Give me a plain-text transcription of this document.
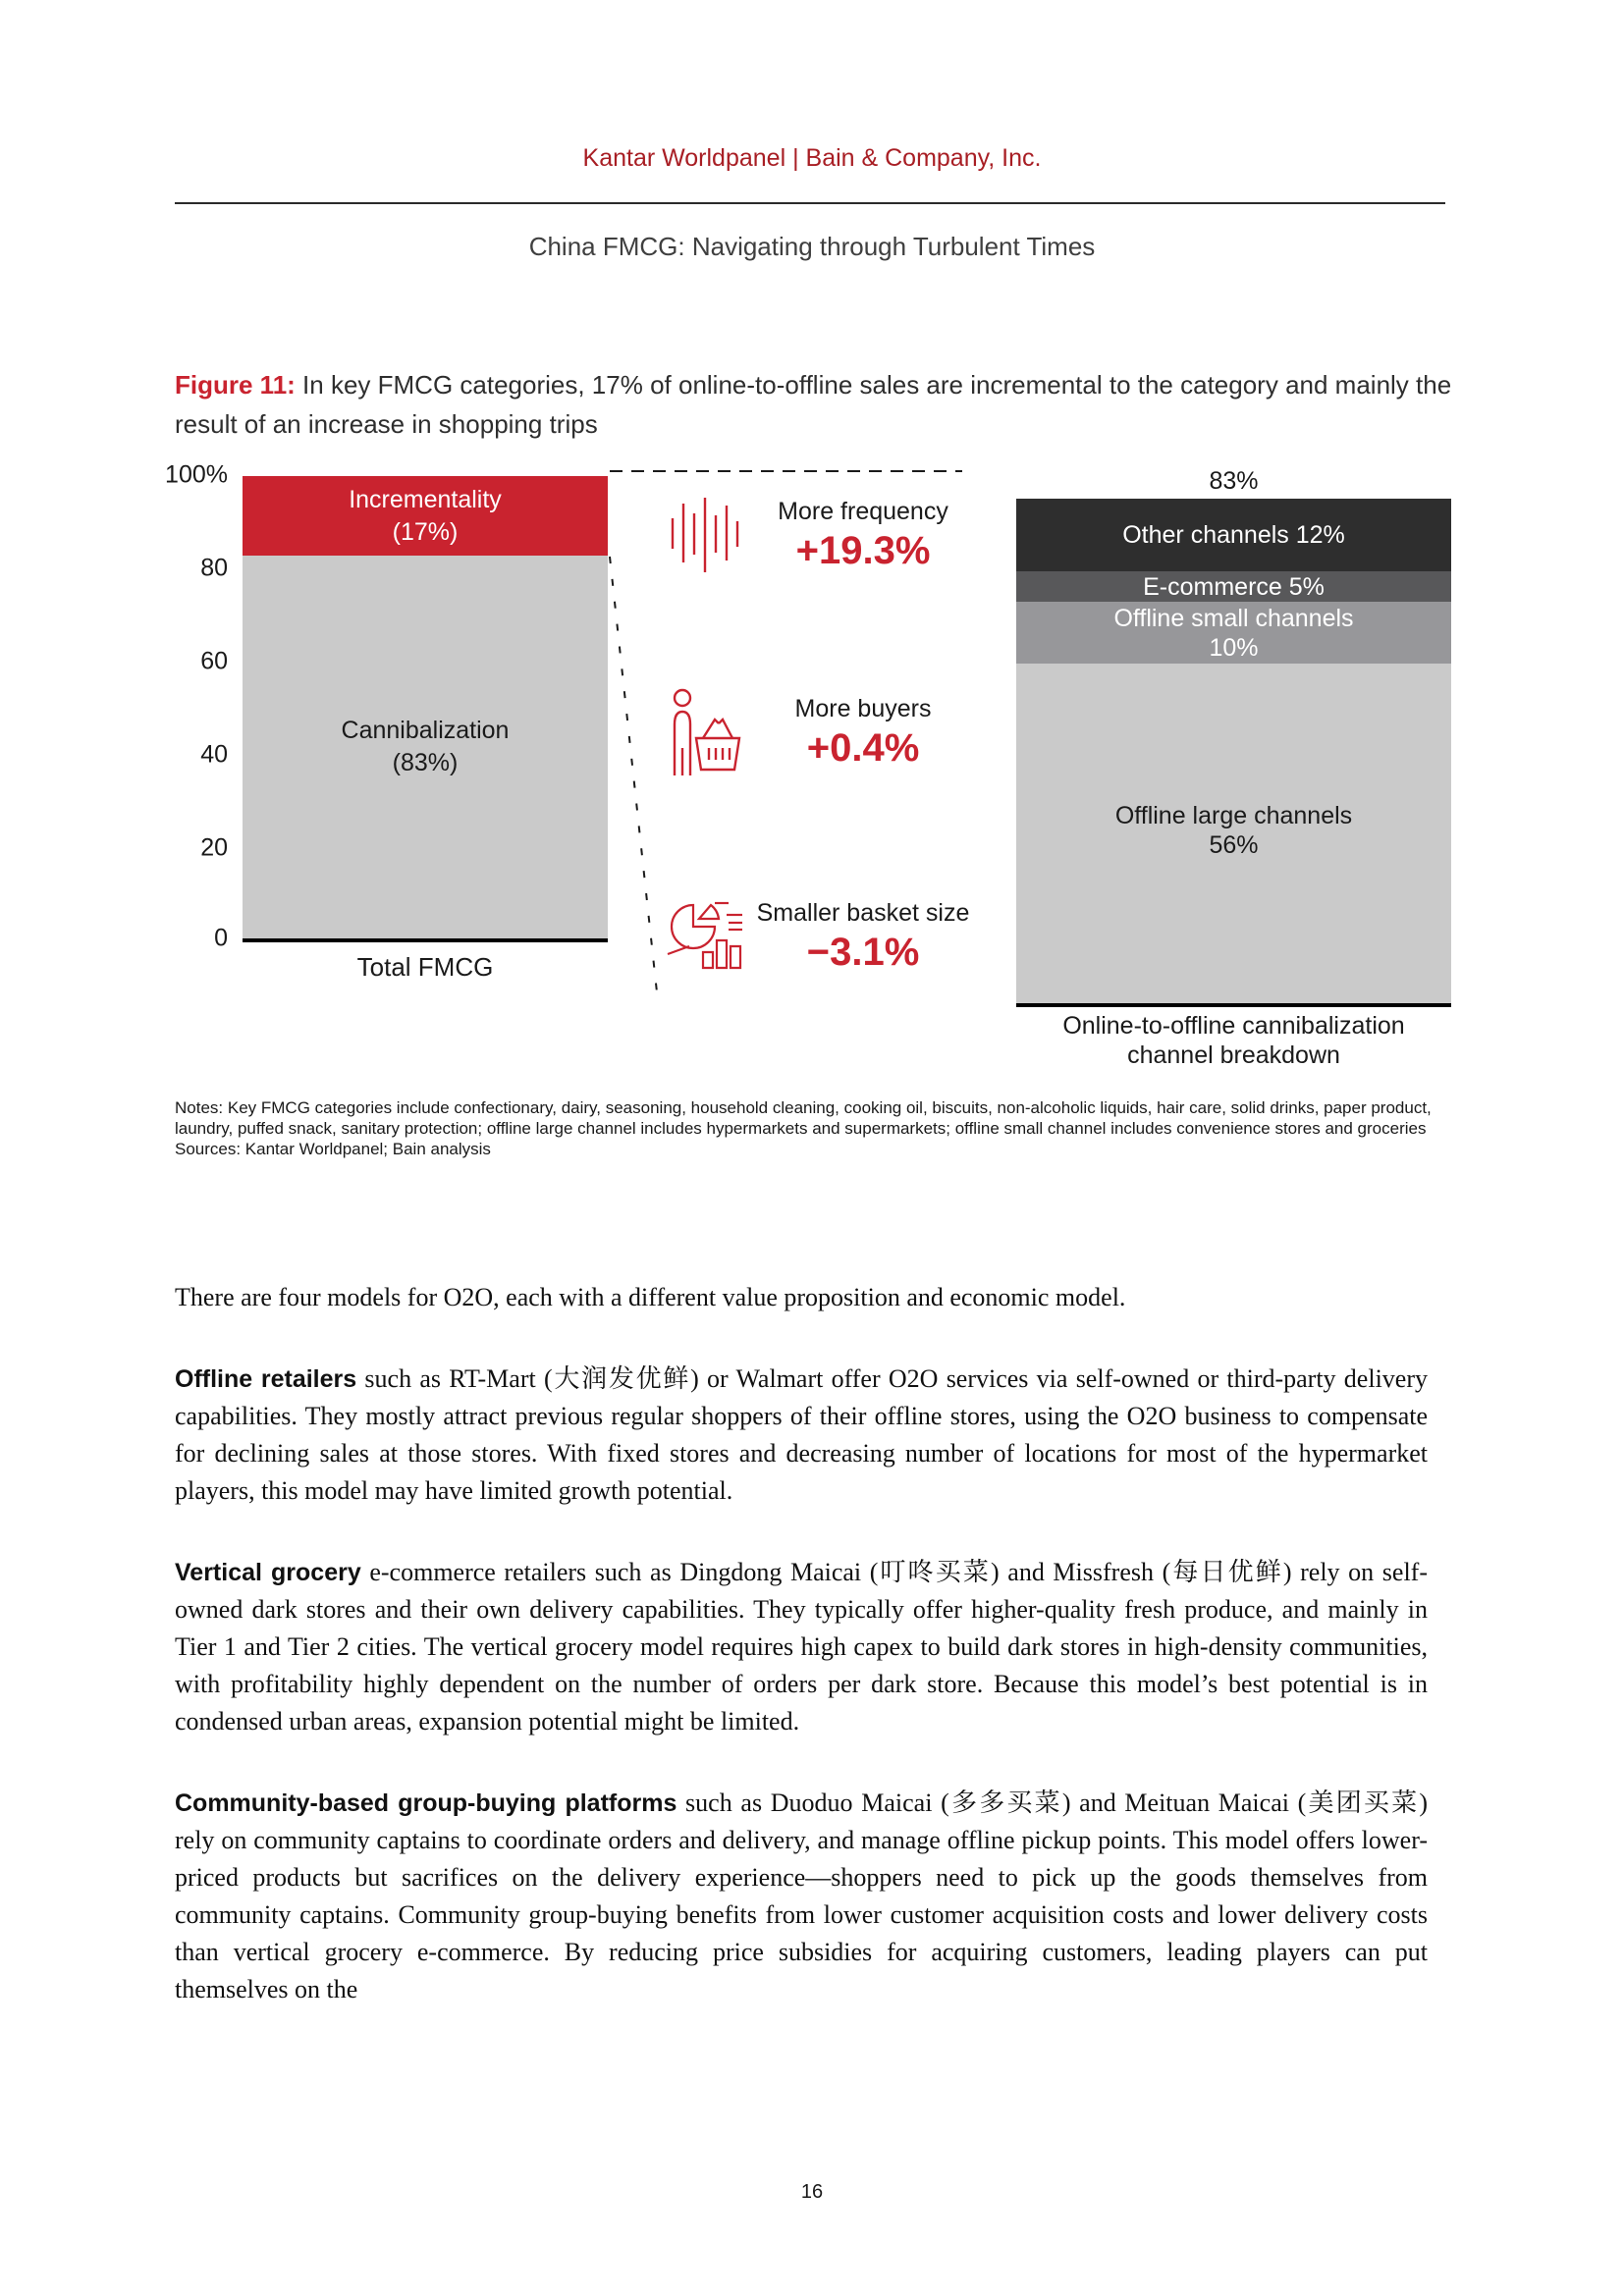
Kantar Worldpanel | Bain & Company, Inc.
China FMCG: Navigating through Turbulent Times
Figure 11: In key FMCG categories, 17% of online-to-offline sales are incremental to the category and mainly the result of an increase in shopping trips
100%
80
60
40
20
0
Incrementality
(17%)
Cannibalization
(83%)
Total FMCG
More frequency
+19.3%
More buyers
+0.4%
Smaller basket size
−3.1%
83%
Other channels 12%
E-commerce 5%
Offline small channels
10%
Offline large channels
56%
Online-to-offline cannibalization
channel breakdown
Notes: Key FMCG categories include confectionary, dairy, seasoning, household cleaning, cooking oil, biscuits, non-alcoholic liquids, hair care, solid drinks, paper product, laundry, puffed snack, sanitary protection; offline large channel includes hypermarkets and supermarkets; offline small channel includes convenience stores and groceries
Sources: Kantar Worldpanel; Bain analysis

There are four models for O2O, each with a different value proposition and economic model.

Offline retailers such as RT-Mart (大润发优鲜) or Walmart offer O2O services via self-owned or third-party delivery capabilities. They mostly attract previous regular shoppers of their offline stores, using the O2O business to compensate for declining sales at those stores. With fixed stores and decreasing number of locations for most of the hypermarket players, this model may have limited growth potential.

Vertical grocery e-commerce retailers such as Dingdong Maicai (叮咚买菜) and Missfresh (每日优鲜) rely on self-owned dark stores and their own delivery capabilities. They typically offer higher-quality fresh produce, and mainly in Tier 1 and Tier 2 cities. The vertical grocery model requires high capex to build dark stores in high-density communities, with profitability highly dependent on the number of orders per dark store. Because this model’s best potential is in condensed urban areas, expansion potential might be limited.

Community-based group-buying platforms such as Duoduo Maicai (多多买菜) and Meituan Maicai (美团买菜) rely on community captains to coordinate orders and delivery, and manage offline pickup points. This model offers lower-priced products but sacrifices on the delivery experience—shoppers need to pick up the goods themselves from community captains. Community group-buying benefits from lower customer acquisition costs and lower delivery costs than vertical grocery e-commerce. By reducing price subsidies for acquiring customers, leading players can put themselves on the

16
